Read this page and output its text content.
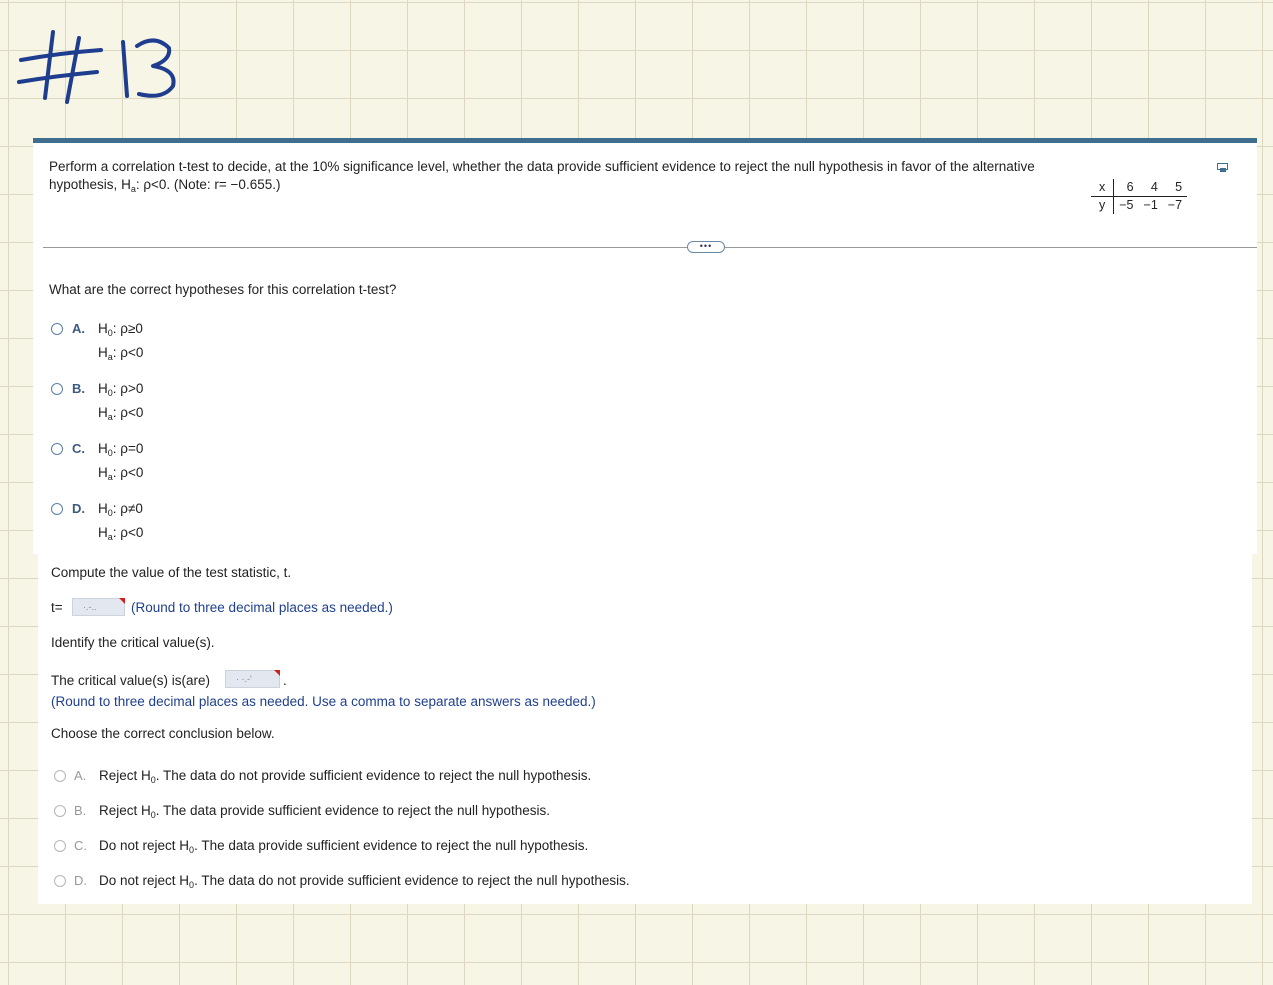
#13
Perform a correlation t-test to decide, at the 10% significance level, whether the data provide sufficient evidence to reject the null hypothesis in favor of the alternative hypothesis, $H_a$: ρ<0. (Note: r= −0.655.)	x	6	4	5
y	−5	−1	−7
•••
What are the correct hypotheses for this correlation t-test?
A. $H_0$: ρ≥0
$H_a$: ρ<0
B. $H_0$: ρ>0
$H_a$: ρ<0
C. $H_0$: ρ=0
$H_a$: ρ<0
D. $H_0$: ρ≠0
$H_a$: ρ<0
Compute the value of the test statistic, t.
t= ·.-..	(Round to three decimal places as needed.)
Identify the critical value(s).
The critical value(s) is(are)	· ·.-' .
(Round to three decimal places as needed. Use a comma to separate answers as needed.)
Choose the correct conclusion below.
A. Reject $H_0$. The data do not provide sufficient evidence to reject the null hypothesis.
B. Reject $H_0$. The data provide sufficient evidence to reject the null hypothesis.
C. Do not reject $H_0$. The data provide sufficient evidence to reject the null hypothesis.
D. Do not reject $H_0$. The data do not provide sufficient evidence to reject the null hypothesis.
